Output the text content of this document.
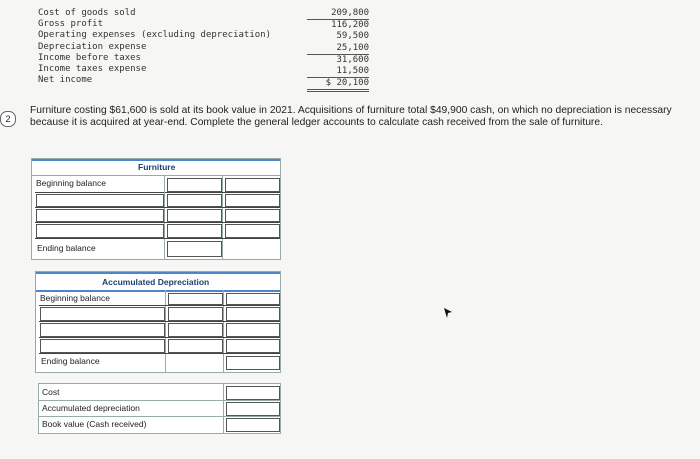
Cost of goods sold
Gross profit
Operating expenses (excluding depreciation)
Depreciation expense
Income before taxes
Income taxes expense
Net income
209,800
116,200
59,500
25,100
31,600
11,500
$ 20,100
2
Furniture costing $61,600 is sold at its book value in 2021. Acquisitions of furniture total $49,900 cash, on which no depreciation is necessary because it is acquired at year-end. Complete the general ledger accounts to calculate cash received from the sale of furniture.
Furniture
Beginning balance
Ending balance
Accumulated Depreciation
Beginning balance
Ending balance
Cost
Accumulated depreciation
Book value (Cash received)
